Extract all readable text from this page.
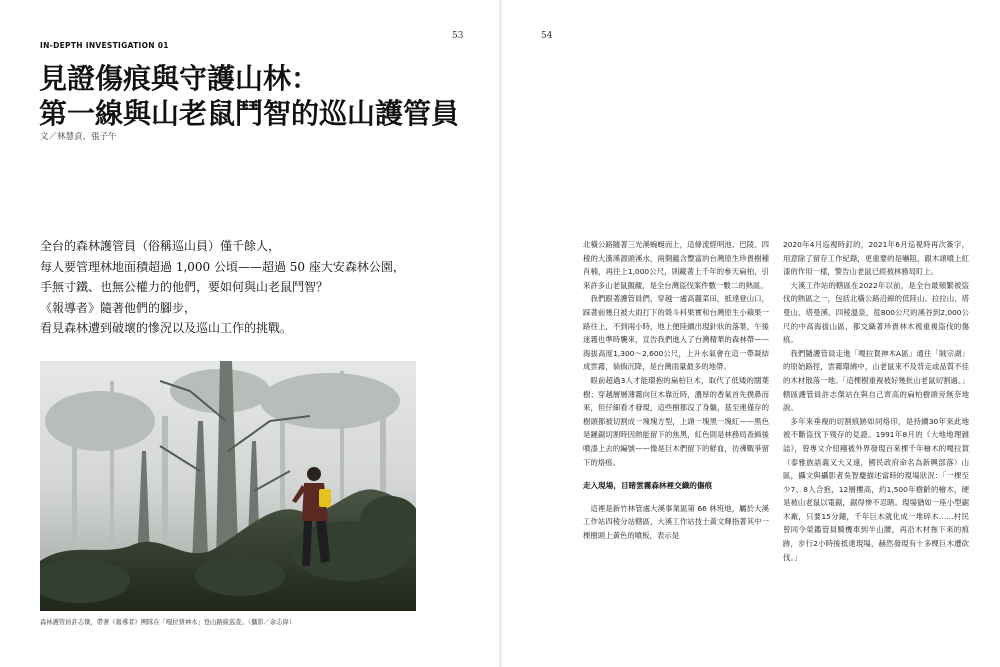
53	54
IN-DEPTH INVESTIGATION 01
見證傷痕與守護山林：
第一線與山老鼠鬥智的巡山護管員
文／林慧貞、張子午
全台的森林護管員（俗稱巡山員）僅千餘人，
每人要管理林地面積超過 1,000 公頃——超過 50 座大安森林公園，
手無寸鐵、也無公權力的他們，要如何與山老鼠鬥智？
《報導者》隨著他們的腳步，
看見森林遭到破壞的慘況以及巡山工作的挑戰。
森林護管員許志傑，帶著《報導者》團隊在「嘎拉賀神木」登山路線巡查。（攝影／余志偉）

北橫公路隨著三光溪蜿蜒而上，這條流經明池、巴陵、四稜的大漢溪源頭溪水，兩側蘊含豐富的台灣原生珍貴樹種肖楠，再往上1,000公尺，則藏著上千年的參天扁柏，引來許多山老鼠覬覦，是全台灣盜伐案件數一數二的熱區。

我們跟著護管員們，穿越一處高麗菜田，抵達登山口，踩著前幾日被大雨打下的殼斗科果實和台灣原生小蘋果一路往上，不到兩小時，地上便陸續出現針狀的落葉，午後迷霧也準時襲來，宣告我們進入了台灣精華的森林帶——海拔高度1,300～2,600公尺，上升水氣會在這一帶凝結成雲霧，倘徜沉降，是台灣雨量最多的地帶。

眼前超過3人才能環抱的扁柏巨木，取代了低矮的闊葉樹；穿越層層薄霧向巨木靠近時，濃厚的香氣首先撲鼻而來，但仔細看才發現，這些樹都沒了身軀，基至連僅存的樹頭都被切割成一塊塊方型，上頭一塊黑一塊紅——黑色是鏈鋸切割時因熱能留下的焦黑，紅色則是林務局查緝後噴漆上去的編號——像是巨木們留下的鮮血，彷彿戰爭留下的烙痕。

走入現場，目睹雲霧森林裡交織的傷痕

這裡是新竹林管處大溪事業區第 66 林班地，屬於大溪工作站四稜分站轄區，大溪工作站技士黃文輝指著其中一棵樹頭上黃色的噴板，表示是

2020年4月巡視時釘的，2021年6月巡視時再次簽字，用意除了留存工作紀錄，更重要的是嚇阻，跟木頭噴上紅漆的作用一樣，警告山老鼠已經被林務局盯上。

大溪工作站的轄區在2022年以前，是全台最頻繁被盜伐的熱區之一，包括北橫公路沿線的低陸山、拉拉山、塔曼山、塔曼溪、四稜溫泉，從800公尺的溪谷到2,000公尺的中高海拔山區，都交織著珍貴林木被重複盜伐的傷痕。

我們隨護管員走進「嘎拉賀神木A區」通往「賊宗湖」的原始路徑，雲霧環繞中，山老鼠來不及背走或品質不佳的木材散落一地。「這棵樹重複被好幾批山老鼠切割過。」轄區護管員許志傑站在與自己齊高的扁柏樹頭旁無奈地說。

多年來垂複的切割痕跡如同烙印，是持續30年來此地被不斷盜伐下殘存的見證。1991年8月的《大地地理雜誌》，曾專文介紹剛被外界發現百來棵千年檜木的嘎拉賀（泰雅族語義又大又遠，國民政府命名為新興部落）山區，攝文與攝影者吳智慶描述當時的現場狀況：「一棵至少7、8人合抱，12層樓高，約1,500年樹齡的檜木，硬是被山老鼠以電鋸，鋸得惨不忍睹。現場猶如一座小型鋸木廠，只要15分鐘，千年巨木就化成一堆碎木……村民曾同令榮鑑管員騎機車到半山腰，再沿木材拖下來的痕跡，步行2小時後抵達現場，赫然發現有十多棵巨木遭砍伐。」
